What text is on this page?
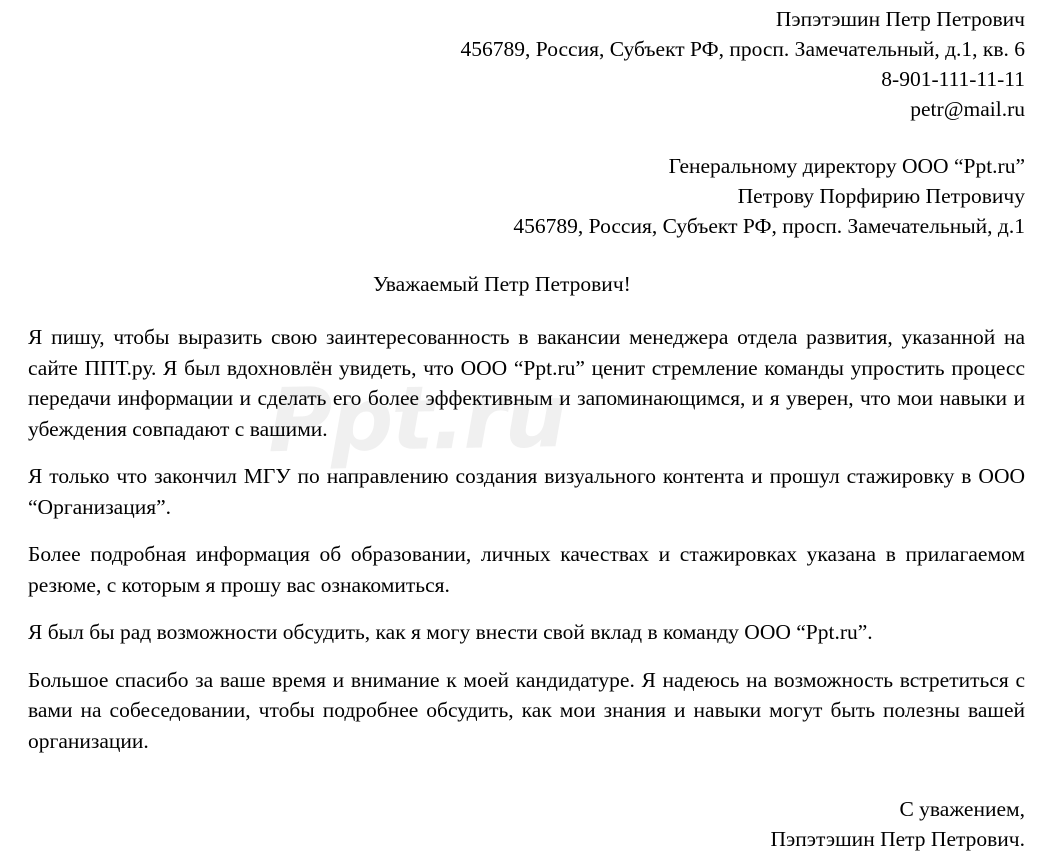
Ppt.ru
Пэпэтэшин Петр Петрович
456789, Россия, Субъект РФ, просп. Замечательный, д.1, кв. 6
8-901-111-11-11
petr@mail.ru
Генеральному директору ООО “Ppt.ru”
Петрову Порфирию Петровичу
456789, Россия, Субъект РФ, просп. Замечательный, д.1
Уважаемый Петр Петрович!

Я пишу, чтобы выразить свою заинтересованность в вакансии менеджера отдела развития, указанной на сайте ППТ.ру. Я был вдохновлён увидеть, что ООО “Ppt.ru” ценит стремление команды упростить процесс передачи информации и сделать его более эффективным и запоминающимся, и я уверен, что мои навыки и убеждения совпадают с вашими.

Я только что закончил МГУ по направлению создания визуального контента и прошул стажировку в ООО “Организация”.

Более подробная информация об образовании, личных качествах и стажировках указана в прилагаемом резюме, с которым я прошу вас ознакомиться.

Я был бы рад возможности обсудить, как я могу внести свой вклад в команду ООО “Ppt.ru”.

Большое спасибо за ваше время и внимание к моей кандидатуре. Я надеюсь на возможность встретиться с вами на собеседовании, чтобы подробнее обсудить, как мои знания и навыки могут быть полезны вашей организации.

С уважением,
Пэпэтэшин Петр Петрович.
